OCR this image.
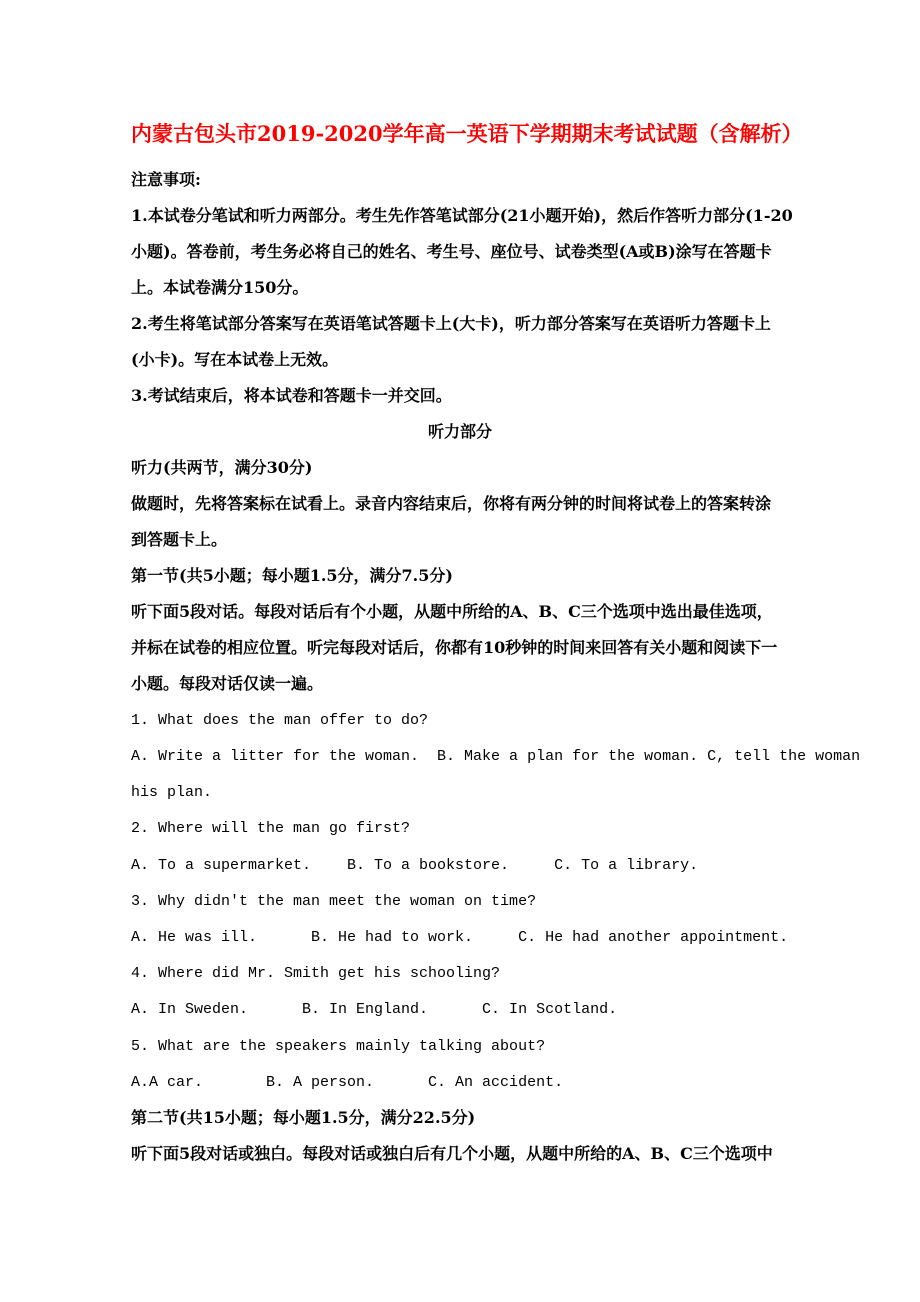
内蒙古包头市2019-2020学年高一英语下学期期末考试试题（含解析）
注意事项:
1.本试卷分笔试和听力两部分。考生先作答笔试部分(21小题开始)，然后作答听力部分(1-20
小题)。答卷前，考生务必将自己的姓名、考生号、座位号、试卷类型(A或B)涂写在答题卡
上。本试卷满分150分。
2.考生将笔试部分答案写在英语笔试答题卡上(大卡)，听力部分答案写在英语听力答题卡上
(小卡)。写在本试卷上无效。
3.考试结束后，将本试卷和答题卡一并交回。
听力部分
听力(共两节，满分30分)
做题时，先将答案标在试看上。录音内容结束后，你将有两分钟的时间将试卷上的答案转涂
到答题卡上。
第一节(共5小题；每小题1.5分，满分7.5分)
听下面5段对话。每段对话后有个小题，从题中所给的A、B、C三个选项中选出最佳选项，
并标在试卷的相应位置。听完每段对话后，你都有10秒钟的时间来回答有关小题和阅读下一
小题。每段对话仅读一遍。
1. What does the man offer to do?
A. Write a litter for the woman.  B. Make a plan for the woman. C, tell the woman
his plan.
2. Where will the man go first?
A. To a supermarket.    B. To a bookstore.     C. To a library.
3. Why didn't the man meet the woman on time?
A. He was ill.      B. He had to work.     C. He had another appointment.
4. Where did Mr. Smith get his schooling?
A. In Sweden.      B. In England.      C. In Scotland.
5. What are the speakers mainly talking about?
A.A car.       B. A person.      C. An accident.
第二节(共15小题；每小题1.5分，满分22.5分)
听下面5段对话或独白。每段对话或独白后有几个小题，从题中所给的A、B、C三个选项中
